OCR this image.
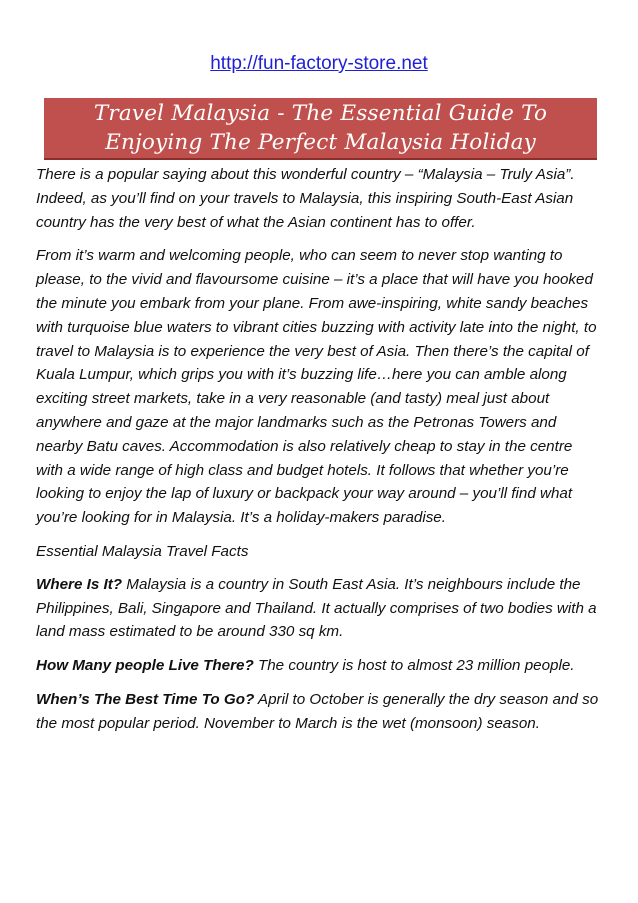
http://fun-factory-store.net
Travel Malaysia - The Essential Guide To
Enjoying The Perfect Malaysia Holiday

There is a popular saying about this wonderful country – “Malaysia – Truly Asia”. Indeed, as you’ll find on your travels to Malaysia, this inspiring South-East Asian country has the very best of what the Asian continent has to offer.

From it’s warm and welcoming people, who can seem to never stop wanting to please, to the vivid and flavoursome cuisine – it’s a place that will have you hooked the minute you embark from your plane. From awe-inspiring, white sandy beaches with turquoise blue waters to vibrant cities buzzing with activity late into the night, to travel to Malaysia is to experience the very best of Asia. Then there’s the capital of Kuala Lumpur, which grips you with it’s buzzing life…here you can amble along exciting street markets, take in a very reasonable (and tasty) meal just about anywhere and gaze at the major landmarks such as the Petronas Towers and nearby Batu caves. Accommodation is also relatively cheap to stay in the centre with a wide range of high class and budget hotels. It follows that whether you’re looking to enjoy the lap of luxury or backpack your way around – you’ll find what you’re looking for in Malaysia. It’s a holiday-makers paradise.

Essential Malaysia Travel Facts

Where Is It? Malaysia is a country in South East Asia. It’s neighbours include the Philippines, Bali, Singapore and Thailand. It actually comprises of two bodies with a land mass estimated to be around 330 sq km.

How Many people Live There? The country is host to almost 23 million people.

When’s The Best Time To Go? April to October is generally the dry season and so the most popular period. November to March is the wet (monsoon) season.
